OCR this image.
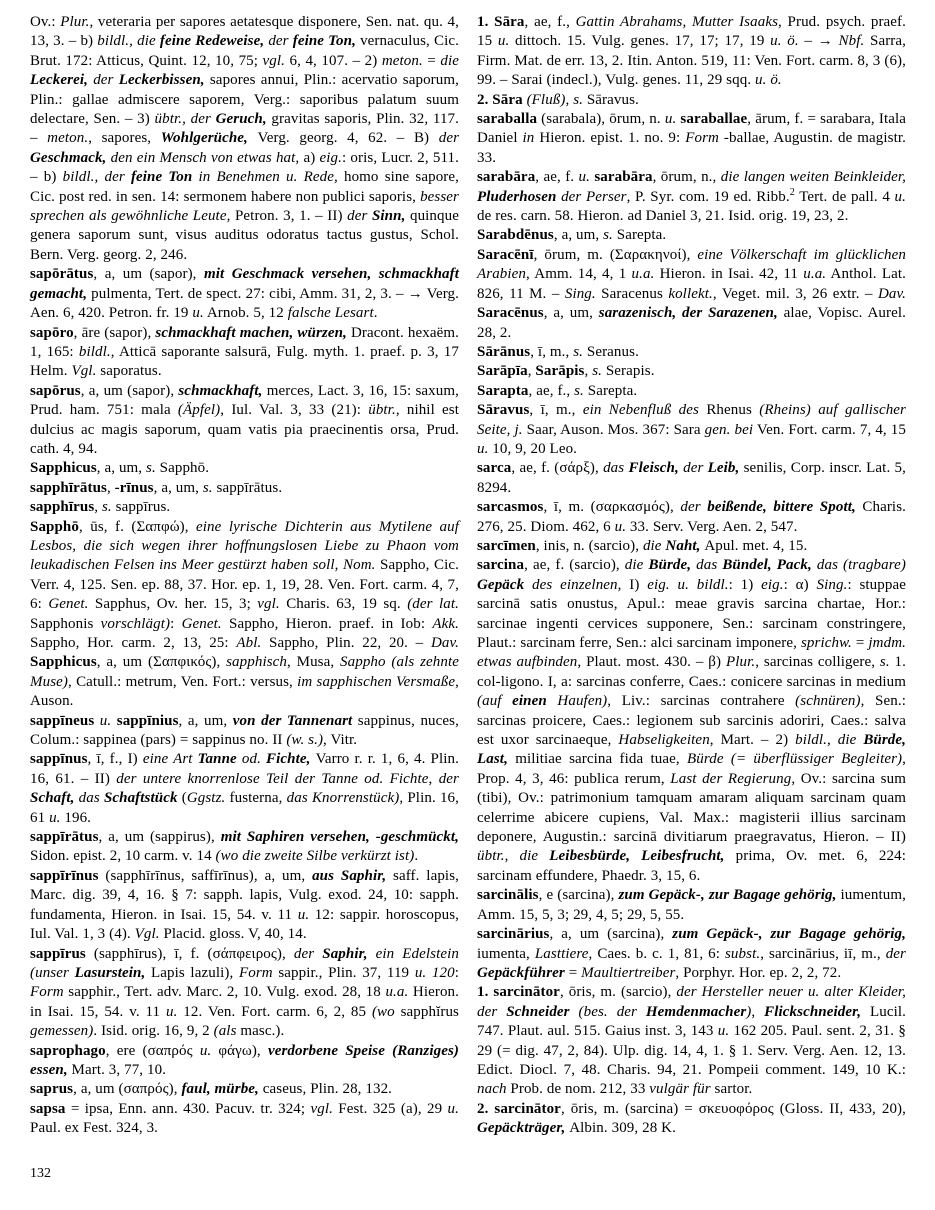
Ov.: Plur., veteraria per sapores aetatesque disponere, Sen. nat. qu. 4, 13, 3. – b) bildl., die feine Redeweise, der feine Ton, vernaculus, Cic. Brut. 172: Atticus, Quint. 12, 10, 75; vgl. 6, 4, 107. – 2) meton. = die Leckerei, der Leckerbissen, sapores annui, Plin.: acervatio saporum, Plin.: gallae admiscere saporem, Verg.: saporibus palatum suum delectare, Sen. – 3) übtr., der Geruch, gravitas saporis, Plin. 32, 117. – meton., sapores, Wohlgerüche, Verg. georg. 4, 62. – B) der Geschmack, den ein Mensch von etwas hat, a) eig.: oris, Lucr. 2, 511. – b) bildl., der feine Ton in Benehmen u. Rede, homo sine sapore, Cic. post red. in sen. 14: sermonem habere non publici saporis, besser sprechen als gewöhnliche Leute, Petron. 3, 1. – II) der Sinn, quinque genera saporum sunt, visus auditus odoratus tactus gustus, Schol. Bern. Verg. georg. 2, 246.

sapōrātus, a, um (sapor), mit Geschmack versehen, schmackhaft gemacht, pulmenta, Tert. de spect. 27: cibi, Amm. 31, 2, 3. – → Verg. Aen. 6, 420. Petron. fr. 19 u. Arnob. 5, 12 falsche Lesart.

sapōro, āre (sapor), schmackhaft machen, würzen, Dracont. hexaëm. 1, 165: bildl., Atticā saporante salsurā, Fulg. myth. 1. praef. p. 3, 17 Helm. Vgl. saporatus.

sapōrus, a, um (sapor), schmackhaft, merces, Lact. 3, 16, 15: saxum, Prud. ham. 751: mala (Äpfel), Iul. Val. 3, 33 (21): übtr., nihil est dulcius ac magis saporum, quam vatis pia praecinentis orsa, Prud. cath. 4, 94.

Sapphicus, a, um, s. Sapphō.

sapphīrātus, -rīnus, a, um, s. sappīrātus.

sapphīrus, s. sappīrus.

Sapphō, ūs, f. (Σαπφώ), eine lyrische Dichterin aus Mytilene auf Lesbos, die sich wegen ihrer hoffnungslosen Liebe zu Phaon vom leukadischen Felsen ins Meer gestürzt haben soll, Nom. Sappho, Cic. Verr. 4, 125. Sen. ep. 88, 37. Hor. ep. 1, 19, 28. Ven. Fort. carm. 4, 7, 6: Genet. Sapphus, Ov. her. 15, 3; vgl. Charis. 63, 19 sq. (der lat. Sapphonis vorschlägt): Genet. Sappho, Hieron. praef. in Iob: Akk. Sappho, Hor. carm. 2, 13, 25: Abl. Sappho, Plin. 22, 20. – Dav. Sapphicus, a, um (Σαπφικός), sapphisch, Musa, Sappho (als zehnte Muse), Catull.: metrum, Ven. Fort.: versus, im sapphischen Versmaße, Auson.

sappīneus u. sappīnius, a, um, von der Tannenart sappinus, nuces, Colum.: sappinea (pars) = sappinus no. II (w. s.), Vitr.

sappīnus, ī, f., I) eine Art Tanne od. Fichte, Varro r. r. 1, 6, 4. Plin. 16, 61. – II) der untere knorrenlose Teil der Tanne od. Fichte, der Schaft, das Schaftstück (Ggstz. fusterna, das Knorrenstück), Plin. 16, 61 u. 196.

sappīrātus, a, um (sappirus), mit Saphiren versehen, -geschmückt, Sidon. epist. 2, 10 carm. v. 14 (wo die zweite Silbe verkürzt ist).

sappīrīnus (sapphīrīnus, saffīrīnus), a, um, aus Saphir, saff. lapis, Marc. dig. 39, 4, 16. § 7: sapph. lapis, Vulg. exod. 24, 10: sapph. fundamenta, Hieron. in Isai. 15, 54. v. 11 u. 12: sappir. horoscopus, Iul. Val. 1, 3 (4). Vgl. Placid. gloss. V, 40, 14.

sappīrus (sapphīrus), ī, f. (σάπφειρος), der Saphir, ein Edelstein (unser Lasurstein, Lapis lazuli), Form sappir., Plin. 37, 119 u. 120: Form sapphir., Tert. adv. Marc. 2, 10. Vulg. exod. 28, 18 u.a. Hieron. in Isai. 15, 54. v. 11 u. 12. Ven. Fort. carm. 6, 2, 85 (wo sapphĭrus gemessen). Isid. orig. 16, 9, 2 (als masc.).

saprophago, ere (σαπρός u. φάγω), verdorbene Speise (Ranziges) essen, Mart. 3, 77, 10.

saprus, a, um (σαπρός), faul, mürbe, caseus, Plin. 28, 132.

sapsa = ipsa, Enn. ann. 430. Pacuv. tr. 324; vgl. Fest. 325 (a), 29 u. Paul. ex Fest. 324, 3.

1. Sāra, ae, f., Gattin Abrahams, Mutter Isaaks, Prud. psych. praef. 15 u. dittoch. 15. Vulg. genes. 17, 17; 17, 19 u. ö. – → Nbf. Sarra, Firm. Mat. de err. 13, 2. Itin. Anton. 519, 11: Ven. Fort. carm. 8, 3 (6), 99. – Sarai (indecl.), Vulg. genes. 11, 29 sqq. u. ö.

2. Sāra (Fluß), s. Sāravus.

saraballa (sarabala), ōrum, n. u. saraballae, ārum, f. = sarabara, Itala Daniel in Hieron. epist. 1. no. 9: Form -ballae, Augustin. de magistr. 33.

sarabāra, ae, f. u. sarabāra, ōrum, n., die langen weiten Beinkleider, Pluderhosen der Perser, P. Syr. com. 19 ed. Ribb.$^2$ Tert. de pall. 4 u. de res. carn. 58. Hieron. ad Daniel 3, 21. Isid. orig. 19, 23, 2.

Sarabdēnus, a, um, s. Sarepta.

Saracēnī, ōrum, m. (Σαρακηνοί), eine Völkerschaft im glücklichen Arabien, Amm. 14, 4, 1 u.a. Hieron. in Isai. 42, 11 u.a. Anthol. Lat. 826, 11 M. – Sing. Saracenus kollekt., Veget. mil. 3, 26 extr. – Dav. Saracēnus, a, um, sarazenisch, der Sarazenen, alae, Vopisc. Aurel. 28, 2.

Sārānus, ī, m., s. Seranus.

Sarāpīa, Sarāpis, s. Serapis.

Sarapta, ae, f., s. Sarepta.

Sāravus, ī, m., ein Nebenfluß des Rhenus (Rheins) auf gallischer Seite, j. Saar, Auson. Mos. 367: Sara gen. bei Ven. Fort. carm. 7, 4, 15 u. 10, 9, 20 Leo.

sarca, ae, f. (σάρξ), das Fleisch, der Leib, senilis, Corp. inscr. Lat. 5, 8294.

sarcasmos, ī, m. (σαρκασμός), der beißende, bittere Spott, Charis. 276, 25. Diom. 462, 6 u. 33. Serv. Verg. Aen. 2, 547.

sarcīmen, inis, n. (sarcio), die Naht, Apul. met. 4, 15.

sarcina, ae, f. (sarcio), die Bürde, das Bündel, Pack, das (tragbare) Gepäck des einzelnen, I) eig. u. bildl.: 1) eig.: α) Sing.: stuppae sarcinā satis onustus, Apul.: meae gravis sarcina chartae, Hor.: sarcinae ingenti cervices supponere, Sen.: sarcinam constringere, Plaut.: sarcinam ferre, Sen.: alci sarcinam imponere, sprichw. = jmdm. etwas aufbinden, Plaut. most. 430. – β) Plur., sarcinas colligere, s. 1. col-ligono. I, a: sarcinas conferre, Caes.: conicere sarcinas in medium (auf einen Haufen), Liv.: sarcinas contrahere (schnüren), Sen.: sarcinas proicere, Caes.: legionem sub sarcinis adoriri, Caes.: salva est uxor sarcinaeque, Habseligkeiten, Mart. – 2) bildl., die Bürde, Last, militiae sarcina fida tuae, Bürde (= überflüssiger Begleiter), Prop. 4, 3, 46: publica rerum, Last der Regierung, Ov.: sarcina sum (tibi), Ov.: patrimonium tamquam amaram aliquam sarcinam quam celerrime abicere cupiens, Val. Max.: magisterii illius sarcinam deponere, Augustin.: sarcinā divitiarum praegravatus, Hieron. – II) übtr., die Leibesbürde, Leibesfrucht, prima, Ov. met. 6, 224: sarcinam effundere, Phaedr. 3, 15, 6.

sarcinālis, e (sarcina), zum Gepäck-, zur Bagage gehörig, iumentum, Amm. 15, 5, 3; 29, 4, 5; 29, 5, 55.

sarcinārius, a, um (sarcina), zum Gepäck-, zur Bagage gehörig, iumenta, Lasttiere, Caes. b. c. 1, 81, 6: subst., sarcinārius, iī, m., der Gepäckführer = Maultiertreiber, Porphyr. Hor. ep. 2, 2, 72.

1. sarcinātor, ōris, m. (sarcio), der Hersteller neuer u. alter Kleider, der Schneider (bes. der Hemdenmacher), Flickschneider, Lucil. 747. Plaut. aul. 515. Gaius inst. 3, 143 u. 162 205. Paul. sent. 2, 31. § 29 (= dig. 47, 2, 84). Ulp. dig. 14, 4, 1. § 1. Serv. Verg. Aen. 12, 13. Edict. Diocl. 7, 48. Charis. 94, 21. Pompeii comment. 149, 10 K.: nach Prob. de nom. 212, 33 vulgär für sartor.

2. sarcinātor, ōris, m. (sarcina) = σκευοφόρος (Gloss. II, 433, 20), Gepäckträger, Albin. 309, 28 K.

132
